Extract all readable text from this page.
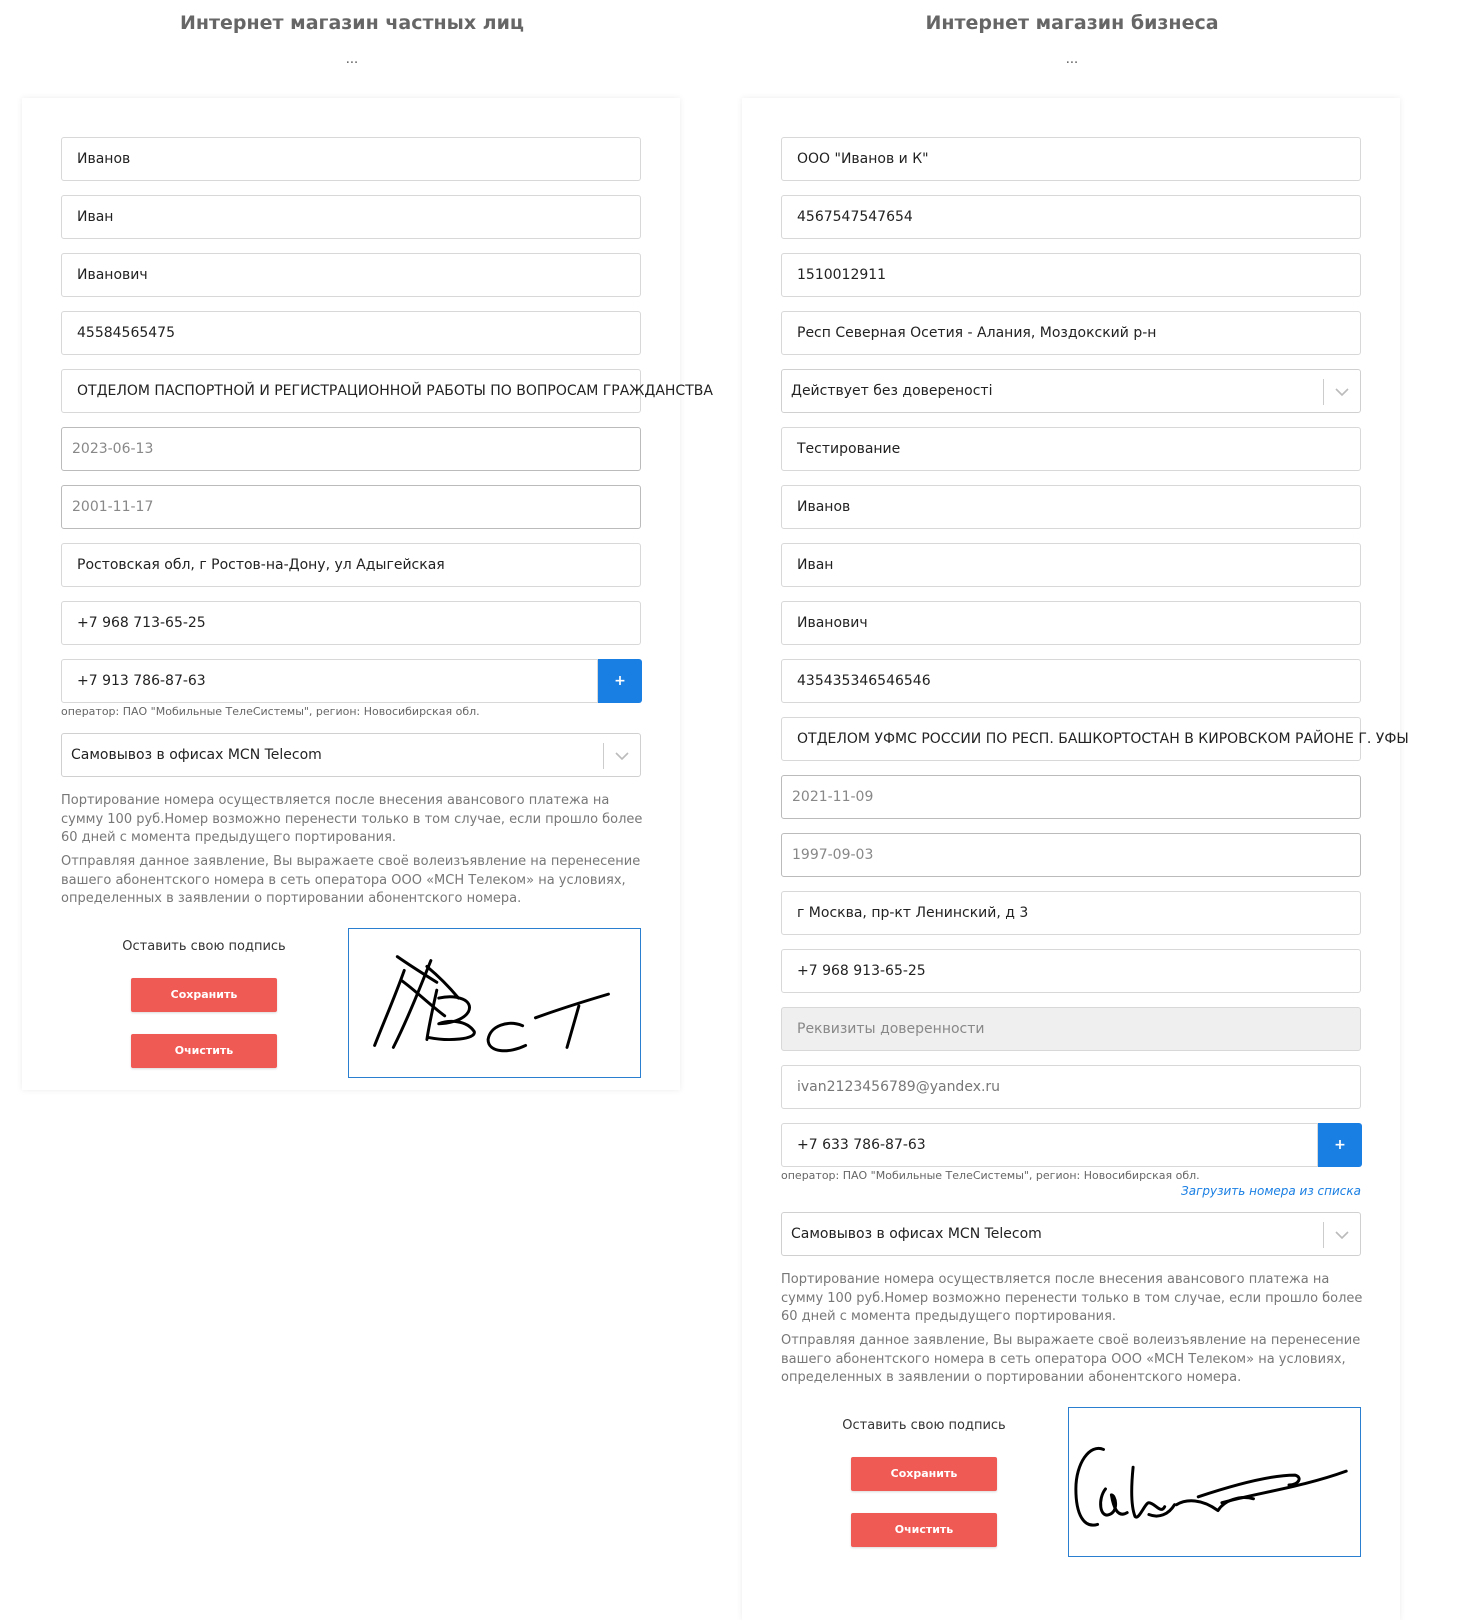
Интернет магазин частных лиц
...
Иванов
Иван
Иванович
45584565475
ОТДЕЛОМ ПАСПОРТНОЙ И РЕГИСТРАЦИОННОЙ РАБОТЫ ПО ВОПРОСАМ ГРАЖДАНСТВА
2023-06-13
2001-11-17
Ростовская обл, г Ростов-на-Дону, ул Адыгейская
+7 968 713-65-25
+7 913 786-87-63	+
оператор: ПАО "Мобильные ТелеСистемы", регион: Новосибирская обл.
Самовывоз в офисах MCN Telecom
Портирование номера осуществляется после внесения авансового платежа на сумму 100 руб.Номер возможно перенести только в том случае, если прошло более 60 дней с момента предыдущего портирования.
Отправляя данное заявление, Вы выражаете своё волеизъявление на перенесение вашего абонентского номера в сеть оператора ООО «МСН Телеком» на условиях, определенных в заявлении о портировании абонентского номера.
Оставить свою подпись
Сохранить
Очистить
Интернет магазин бизнеса
...
ООО "Иванов и К"
4567547547654
1510012911
Респ Северная Осетия - Алания, Моздокский р-н
Действует без довереності
Тестирование
Иванов
Иван
Иванович
435435346546546
ОТДЕЛОМ УФМС РОССИИ ПО РЕСП. БАШКОРТОСТАН В КИРОВСКОМ РАЙОНЕ Г. УФЫ
2021-11-09
1997-09-03
г Москва, пр-кт Ленинский, д 3
+7 968 913-65-25
Реквизиты доверенности
ivan2123456789@yandex.ru
+7 633 786-87-63	+
оператор: ПАО "Мобильные ТелеСистемы", регион: Новосибирская обл.
Загрузить номера из списка
Самовывоз в офисах MCN Telecom
Портирование номера осуществляется после внесения авансового платежа на сумму 100 руб.Номер возможно перенести только в том случае, если прошло более 60 дней с момента предыдущего портирования.
Отправляя данное заявление, Вы выражаете своё волеизъявление на перенесение вашего абонентского номера в сеть оператора ООО «МСН Телеком» на условиях, определенных в заявлении о портировании абонентского номера.
Оставить свою подпись
Сохранить
Очистить
